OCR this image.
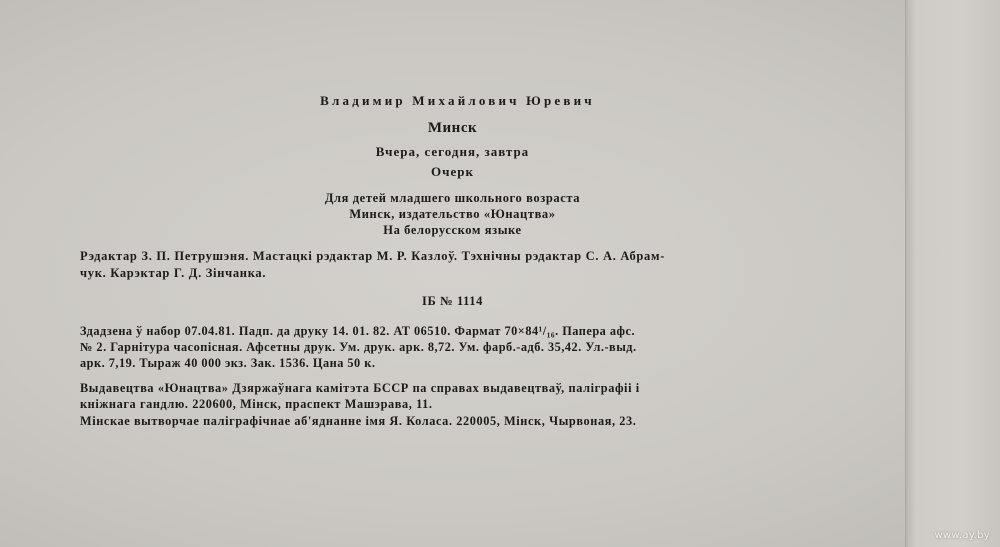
Владимир Михайлович Юревич
Минск
Вчера, сегодня, завтра
Очерк
Для детей младшего школьного возраста
Минск, издательство «Юнацтва»
На белорусском языке
Рэдактар З. П. Петрушэня. Мастацкі рэдактар М. Р. Казлоў. Тэхнічны рэдактар С. А. Абрам-
чук. Карэктар Г. Д. Зінчанка.
ІБ № 1114
Здадзена ў набор 07.04.81. Падп. да друку 14. 01. 82. АТ 06510. Фармат 70×84¹/₁₆. Папера афс.
№ 2. Гарнітура часопісная. Афсетны друк. Ум. друк. арк. 8,72. Ум. фарб.-адб. 35,42. Ул.-выд.
арк. 7,19. Тыраж 40 000 экз. Зак. 1536. Цана 50 к.
Выдавецтва «Юнацтва» Дзяржаўнага камітэта БССР па справах выдавецтваў, паліграфіі і
кніжнага гандлю. 220600, Мінск, праспект Машэрава, 11.
Мінскае вытворчае паліграфічнае аб'яднанне імя Я. Коласа. 220005, Мінск, Чырвоная, 23.
www.ay.by
